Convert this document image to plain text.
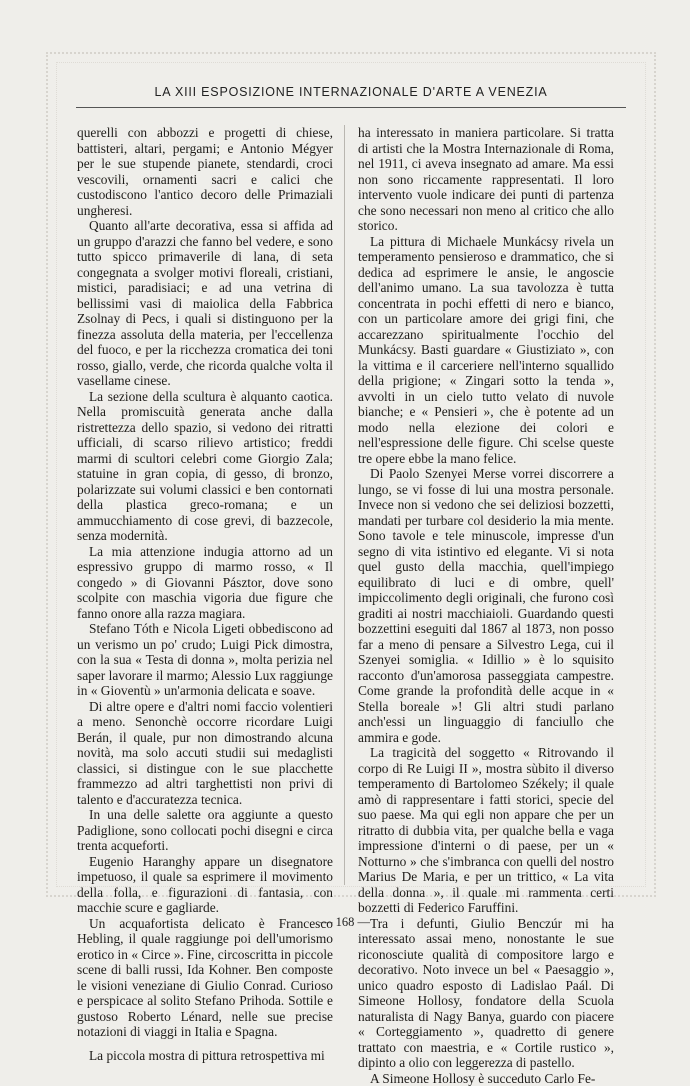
LA XIII ESPOSIZIONE INTERNAZIONALE D'ARTE A VENEZIA

querelli con abbozzi e progetti di chiese, battisteri, altari, pergami; e Antonio Mégyer per le sue stupende pianete, stendardi, croci vescovili, ornamenti sacri e calici che custodiscono l'antico decoro delle Primaziali ungheresi.

Quanto all'arte decorativa, essa si affida ad un gruppo d'arazzi che fanno bel vedere, e sono tutto spicco primaverile di lana, di seta congegnata a svolger motivi floreali, cristiani, mistici, paradisiaci; e ad una vetrina di bellissimi vasi di maiolica della Fabbrica Zsolnay di Pecs, i quali si distinguono per la finezza assoluta della materia, per l'eccellenza del fuoco, e per la ricchezza cromatica dei toni rosso, giallo, verde, che ricorda qualche volta il vasellame cinese.

La sezione della scultura è alquanto caotica. Nella promiscuità generata anche dalla ristrettezza dello spazio, si vedono dei ritratti ufficiali, di scarso rilievo artistico; freddi marmi di scultori celebri come Giorgio Zala; statuine in gran copia, di gesso, di bronzo, polarizzate sui volumi classici e ben contornati della plastica greco-romana; e un ammucchiamento di cose grevi, di bazzecole, senza modernità.

La mia attenzione indugia attorno ad un espressivo gruppo di marmo rosso, « Il congedo » di Giovanni Pásztor, dove sono scolpite con maschia vigoria due figure che fanno onore alla razza magiara.

Stefano Tóth e Nicola Ligeti obbediscono ad un verismo un po' crudo; Luigi Pick dimostra, con la sua « Testa di donna », molta perizia nel saper lavorare il marmo; Alessio Lux raggiunge in « Gioventù » un'armonia delicata e soave.

Di altre opere e d'altri nomi faccio volentieri a meno. Senonchè occorre ricordare Luigi Berán, il quale, pur non dimostrando alcuna novità, ma solo accuti studii sui medaglisti classici, si distingue con le sue placchette frammezzo ad altri targhettisti non privi di talento e d'accuratezza tecnica.

In una delle salette ora aggiunte a questo Padiglione, sono collocati pochi disegni e circa trenta acqueforti.

Eugenio Haranghy appare un disegnatore impetuoso, il quale sa esprimere il movimento della folla, e figurazioni di fantasia, con macchie scure e gagliarde.

Un acquafortista delicato è Francesco Hebling, il quale raggiunge poi dell'umorismo erotico in « Circe ». Fine, circoscritta in piccole scene di balli russi, Ida Kohner. Ben composte le visioni veneziane di Giulio Conrad. Curioso e perspicace al solito Stefano Prihoda. Sottile e gustoso Roberto Lénard, nelle sue precise notazioni di viaggi in Italia e Spagna.

La piccola mostra di pittura retrospettiva mi

ha interessato in maniera particolare. Si tratta di artisti che la Mostra Internazionale di Roma, nel 1911, ci aveva insegnato ad amare. Ma essi non sono riccamente rappresentati. Il loro intervento vuole indicare dei punti di partenza che sono necessari non meno al critico che allo storico.

La pittura di Michaele Munkácsy rivela un temperamento pensieroso e drammatico, che si dedica ad esprimere le ansie, le angoscie dell'animo umano. La sua tavolozza è tutta concentrata in pochi effetti di nero e bianco, con un particolare amore dei grigi fini, che accarezzano spiritualmente l'occhio del Munkácsy. Basti guardare « Giustiziato », con la vittima e il carceriere nell'interno squallido della prigione; « Zingari sotto la tenda », avvolti in un cielo tutto velato di nuvole bianche; e « Pensieri », che è potente ad un modo nella elezione dei colori e nell'espressione delle figure. Chi scelse queste tre opere ebbe la mano felice.

Di Paolo Szenyei Merse vorrei discorrere a lungo, se vi fosse di lui una mostra personale. Invece non si vedono che sei deliziosi bozzetti, mandati per turbare col desiderio la mia mente. Sono tavole e tele minuscole, impresse d'un segno di vita istintivo ed elegante. Vi si nota quel gusto della macchia, quell'impiego equilibrato di luci e di ombre, quell' impiccolimento degli originali, che furono così graditi ai nostri macchiaioli. Guardando questi bozzettini eseguiti dal 1867 al 1873, non posso far a meno di pensare a Silvestro Lega, cui il Szenyei somiglia. « Idillio » è lo squisito racconto d'un'amorosa passeggiata campestre. Come grande la profondità delle acque in « Stella boreale »! Gli altri studi parlano anch'essi un linguaggio di fanciullo che ammira e gode.

La tragicità del soggetto « Ritrovando il corpo di Re Luigi II », mostra sùbito il diverso temperamento di Bartolomeo Székely; il quale amò di rappresentare i fatti storici, specie del suo paese. Ma qui egli non appare che per un ritratto di dubbia vita, per qualche bella e vaga impressione d'interni o di paese, per un « Notturno » che s'imbranca con quelli del nostro Marius De Maria, e per un trittico, « La vita della donna », il quale mi rammenta certi bozzetti di Federico Faruffini.

Tra i defunti, Giulio Benczúr mi ha interessato assai meno, nonostante le sue riconosciute qualità di compositore largo e decorativo. Noto invece un bel « Paesaggio », unico quadro esposto di Ladislao Paál. Di Simeone Hollosy, fondatore della Scuola naturalista di Nagy Banya, guardo con piacere « Corteggiamento », quadretto di genere trattato con maestria, e « Cortile rustico », dipinto a olio con leggerezza di pastello.

A Simeone Hollosy è succeduto Carlo Fe-

— 168 —
